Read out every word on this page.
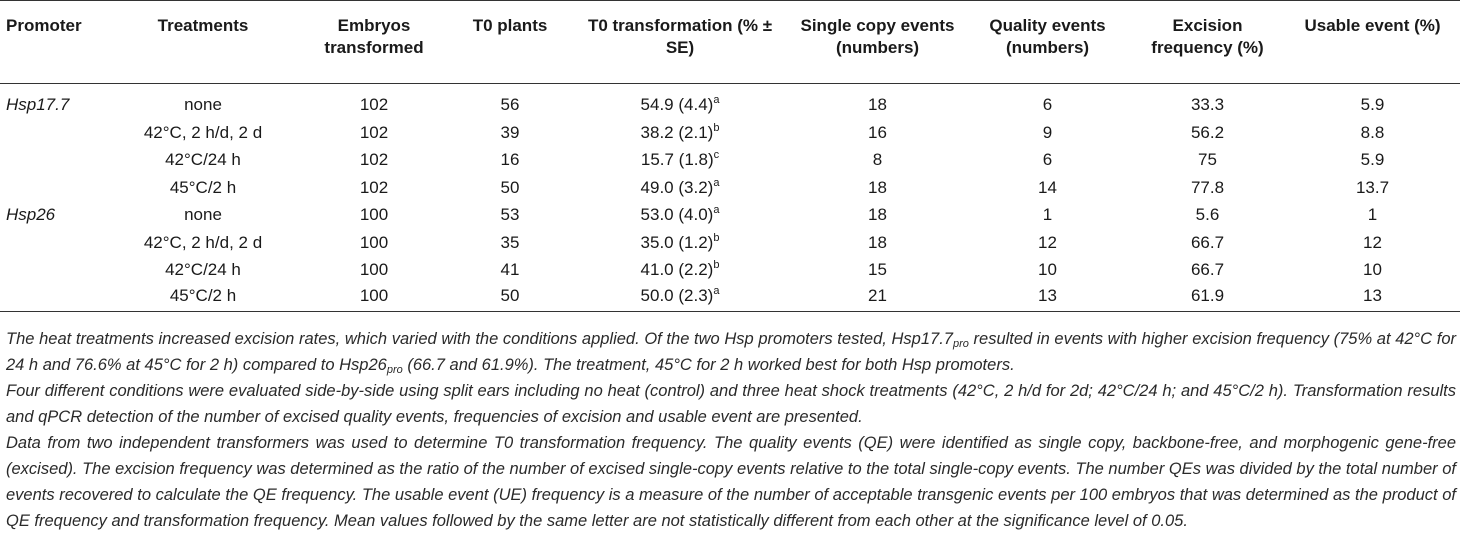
Promoter	Treatments	Embryos transformed	T0 plants	T0 transformation (% ± SE)	Single copy events (numbers)	Quality events (numbers)	Excision frequency (%)	Usable event (%)

Hsp17.7	none	102	56	54.9 $(4.4)^a$	18	6	33.3	5.9
	42°C, 2 h/d, 2 d	102	39	38.2 $(2.1)^b$	16	9	56.2	8.8
	42°C/24 h	102	16	15.7 $(1.8)^c$	8	6	75	5.9
	45°C/2 h	102	50	49.0 $(3.2)^a$	18	14	77.8	13.7
Hsp26	none	100	53	53.0 $(4.0)^a$	18	1	5.6	1
	42°C, 2 h/d, 2 d	100	35	35.0 $(1.2)^b$	18	12	66.7	12
	42°C/24 h	100	41	41.0 $(2.2)^b$	15	10	66.7	10
	45°C/2 h	100	50	50.0 $(2.3)^a$	21	13	61.9	13

The heat treatments increased excision rates, which varied with the conditions applied. Of the two Hsp promoters tested, $Hsp17.7_{pro}$ resulted in events with higher excision frequency (75% at 42°C for 24 h and 76.6% at 45°C for 2 h) compared to $Hsp26_{pro}$ (66.7 and 61.9%). The treatment, 45°C for 2 h worked best for both Hsp promoters.

Four different conditions were evaluated side-by-side using split ears including no heat (control) and three heat shock treatments (42°C, 2 h/d for 2d; 42°C/24 h; and 45°C/2 h). Transformation results and qPCR detection of the number of excised quality events, frequencies of excision and usable event are presented.

Data from two independent transformers was used to determine T0 transformation frequency. The quality events (QE) were identified as single copy, backbone-free, and morphogenic gene-free (excised). The excision frequency was determined as the ratio of the number of excised single-copy events relative to the total single-copy events. The number QEs was divided by the total number of events recovered to calculate the QE frequency. The usable event (UE) frequency is a measure of the number of acceptable transgenic events per 100 embryos that was determined as the product of QE frequency and transformation frequency. Mean values followed by the same letter are not statistically different from each other at the significance level of 0.05.
